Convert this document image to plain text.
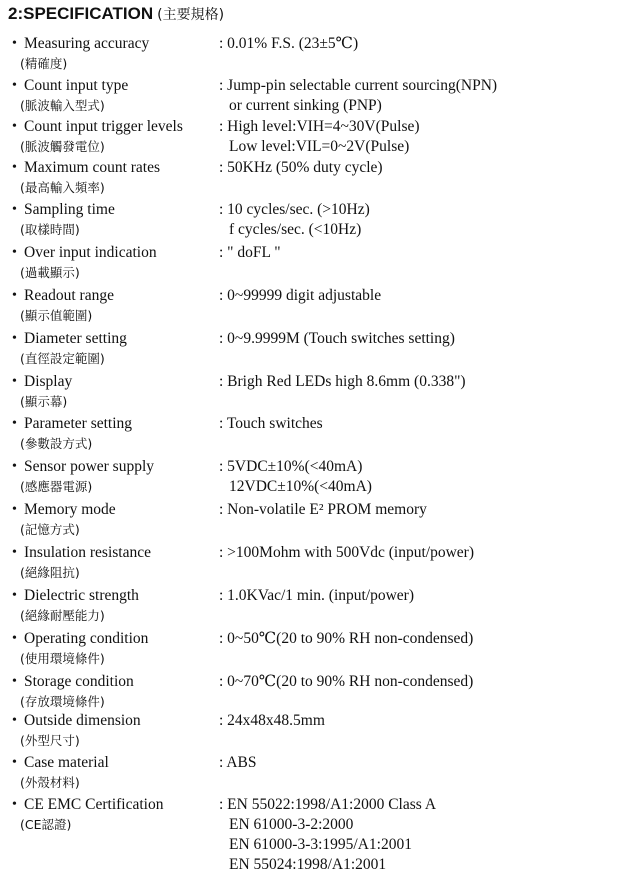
2:SPECIFICATION (主要規格)
• Measuring accuracy
(精確度)
: 0.01% F.S. (23±5℃)
• Count input type
(脈波輸入型式)
: Jump-pin selectable current sourcing(NPN)
or current sinking (PNP)
• Count input trigger levels
(脈波觸發電位)
: High level:VIH=4~30V(Pulse)
Low level:VIL=0~2V(Pulse)
• Maximum count rates
(最高輸入頻率)
: 50KHz (50% duty cycle)
• Sampling time
(取樣時間)
: 10 cycles/sec. (>10Hz)
f cycles/sec. (<10Hz)
• Over input indication
(過載顯示)
: " doFL "
• Readout range
(顯示值範圍)
: 0~99999 digit adjustable
• Diameter setting
(直徑設定範圍)
: 0~9.9999M (Touch switches setting)
• Display
(顯示幕)
: Brigh Red LEDs high 8.6mm (0.338")
• Parameter setting
(參數設方式)
: Touch switches
• Sensor power supply
(感應器電源)
: 5VDC±10%(<40mA)
12VDC±10%(<40mA)
• Memory mode
(記憶方式)
: Non-volatile E² PROM memory
• Insulation resistance
(絕緣阻抗)
: >100Mohm with 500Vdc (input/power)
• Dielectric strength
(絕緣耐壓能力)
: 1.0KVac/1 min. (input/power)
• Operating condition
(使用環境條件)
: 0~50℃(20 to 90% RH non-condensed)
• Storage condition
(存放環境條件)
: 0~70℃(20 to 90% RH non-condensed)
• Outside dimension
(外型尺寸)
: 24x48x48.5mm
• Case material
(外殼材料)
: ABS
• CE EMC Certification
(CE認證)
: EN 55022:1998/A1:2000 Class A
EN 61000-3-2:2000
EN 61000-3-3:1995/A1:2001
EN 55024:1998/A1:2001
